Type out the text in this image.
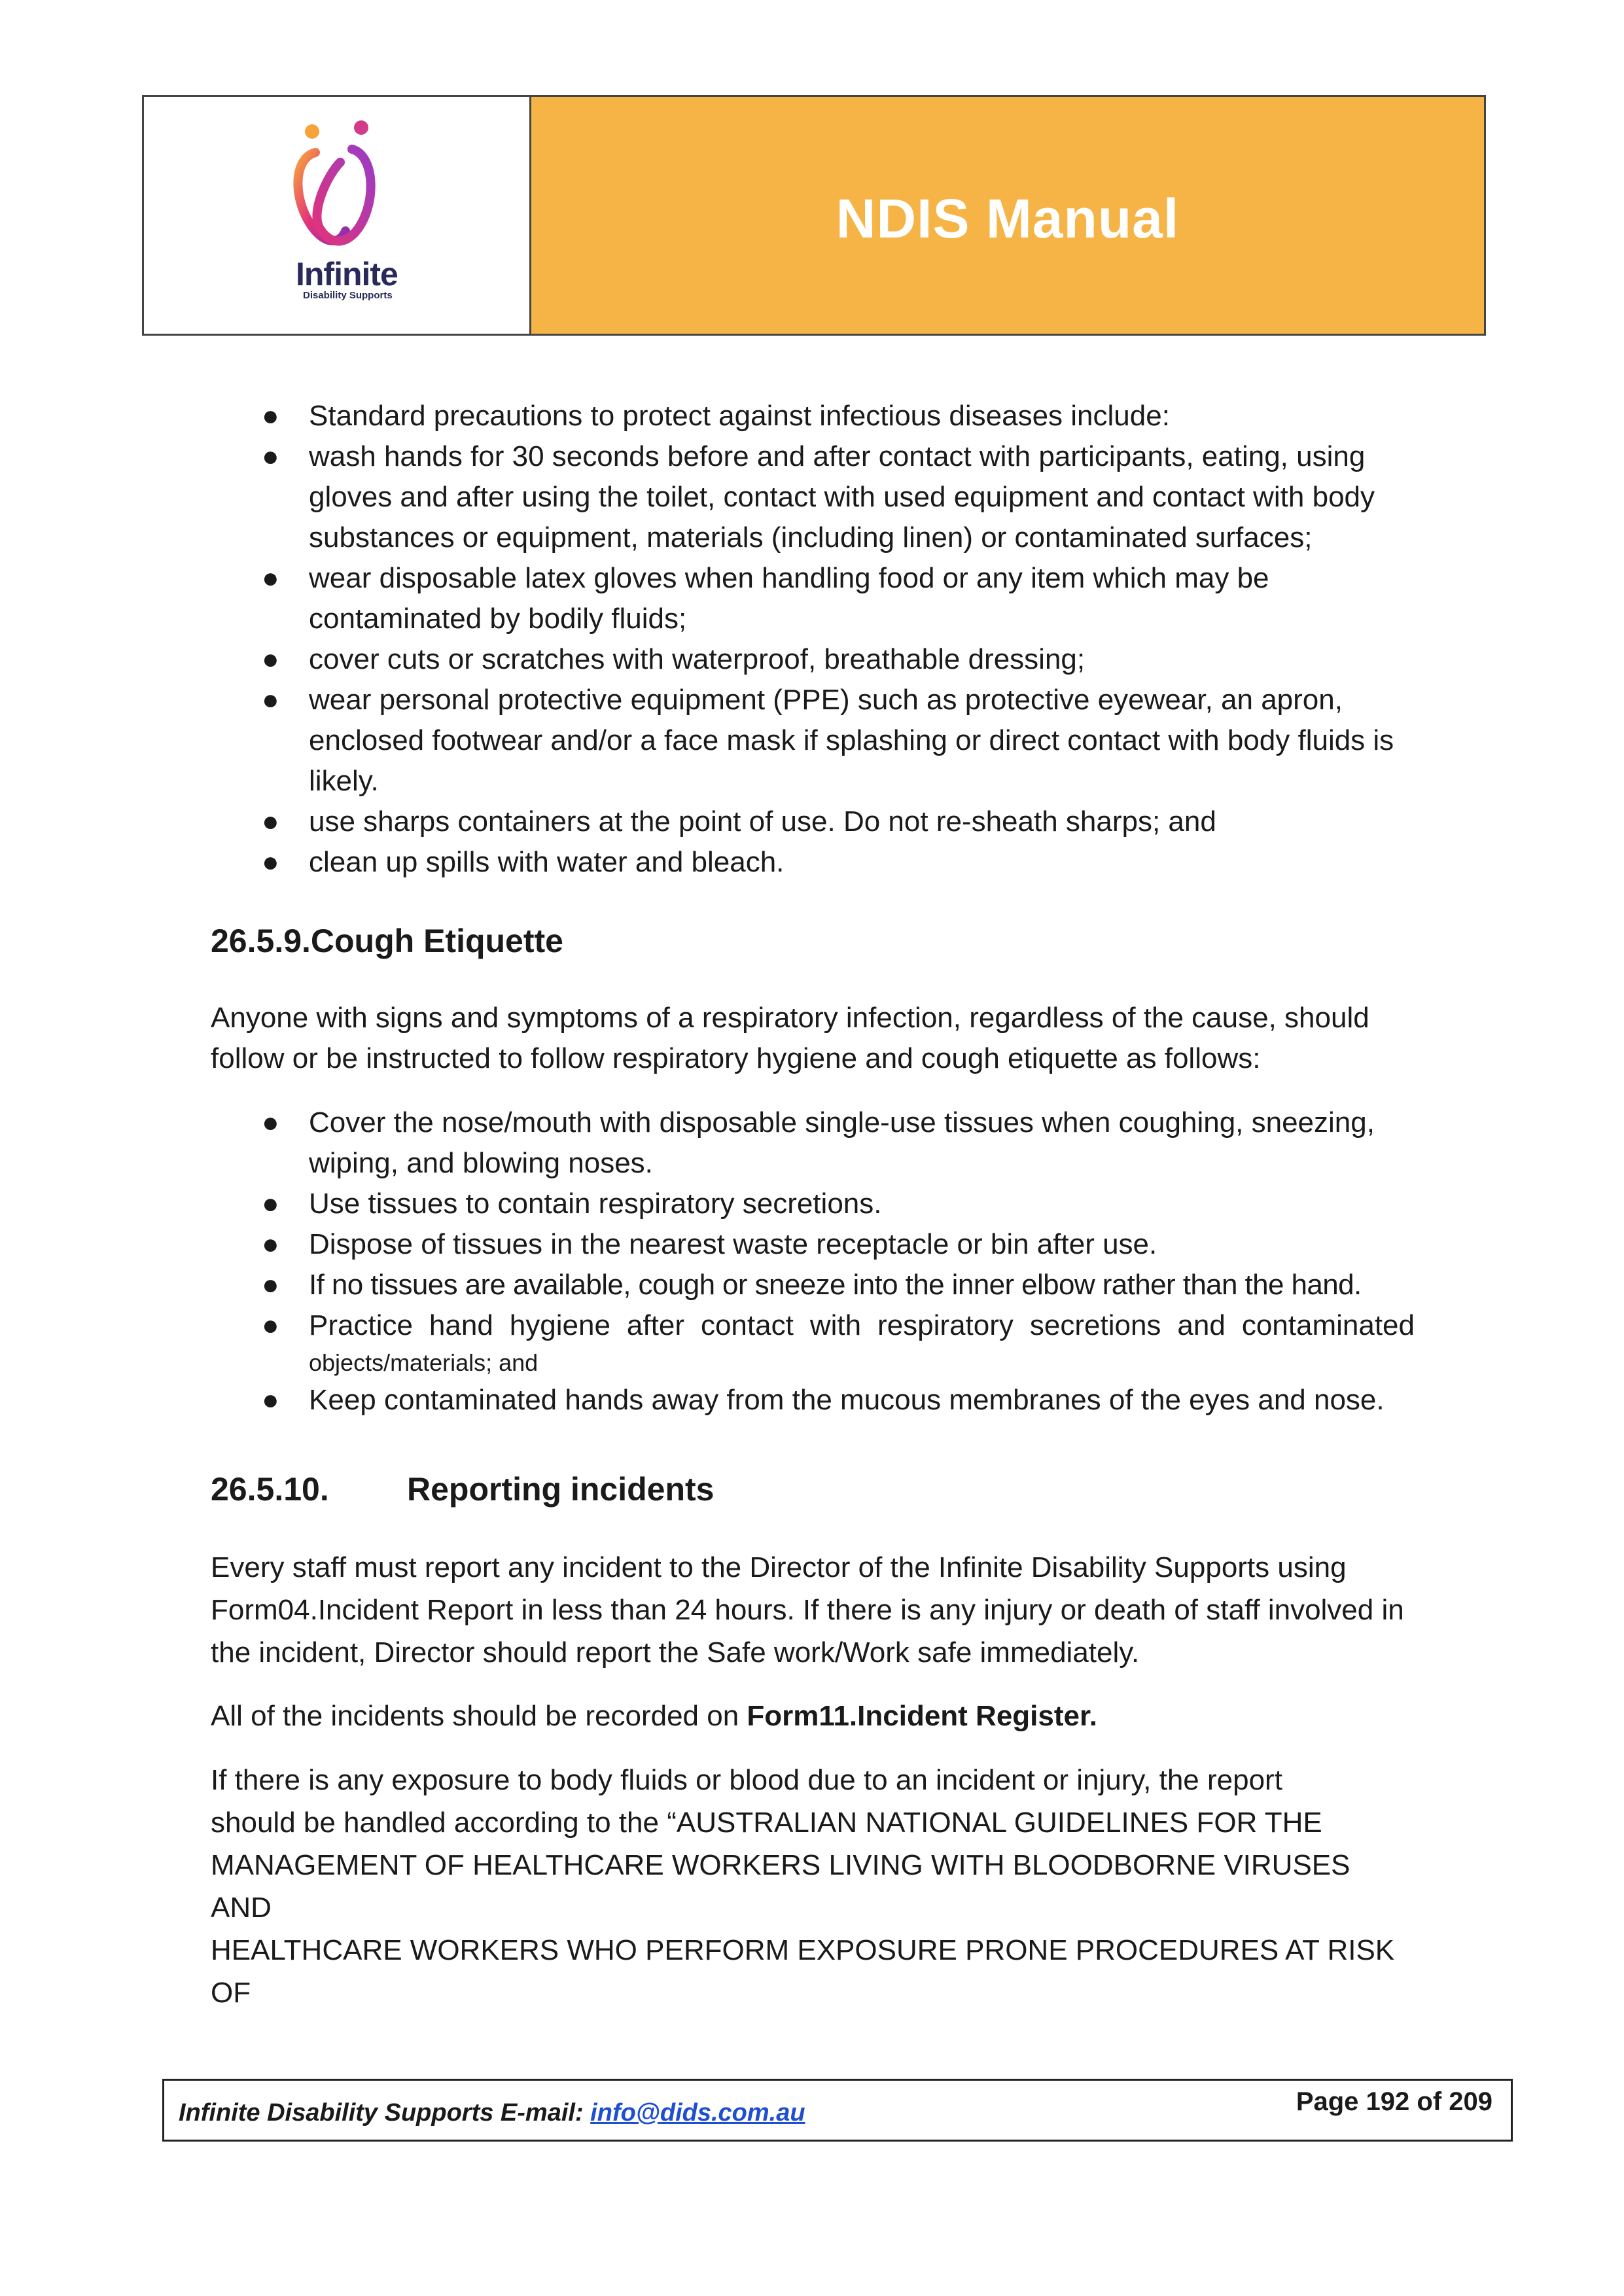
Infinite
Disability Supports
NDIS Manual
● Standard precautions to protect against infectious diseases include:
● wash hands for 30 seconds before and after contact with participants, eating, using gloves and after using the toilet, contact with used equipment and contact with body substances or equipment, materials (including linen) or contaminated surfaces;
● wear disposable latex gloves when handling food or any item which may be contaminated by bodily fluids;
● cover cuts or scratches with waterproof, breathable dressing;
● wear personal protective equipment (PPE) such as protective eyewear, an apron, enclosed footwear and/or a face mask if splashing or direct contact with body fluids is likely.
● use sharps containers at the point of use. Do not re-sheath sharps; and
● clean up spills with water and bleach.
26.5.9.Cough Etiquette

Anyone with signs and symptoms of a respiratory infection, regardless of the cause, should follow or be instructed to follow respiratory hygiene and cough etiquette as follows:

● Cover the nose/mouth with disposable single-use tissues when coughing, sneezing, wiping, and blowing noses.
● Use tissues to contain respiratory secretions.
● Dispose of tissues in the nearest waste receptacle or bin after use.
● If no tissues are available, cough or sneeze into the inner elbow rather than the hand.
● Practice hand hygiene after contact with respiratory secretions and contaminated
objects/materials; and
● Keep contaminated hands away from the mucous membranes of the eyes and nose.
26.5.10. Reporting incidents

Every staff must report any incident to the Director of the Infinite Disability Supports using Form04.Incident Report in less than 24 hours. If there is any injury or death of staff involved in the incident, Director should report the Safe work/Work safe immediately.

All of the incidents should be recorded on Form11.Incident Register.

If there is any exposure to body fluids or blood due to an incident or injury, the report
should be handled according to the “AUSTRALIAN NATIONAL GUIDELINES FOR THE
MANAGEMENT OF HEALTHCARE WORKERS LIVING WITH BLOODBORNE VIRUSES AND
HEALTHCARE WORKERS WHO PERFORM EXPOSURE PRONE PROCEDURES AT RISK OF
Infinite Disability Supports E-mail: info@dids.com.au	Page 192 of 209
